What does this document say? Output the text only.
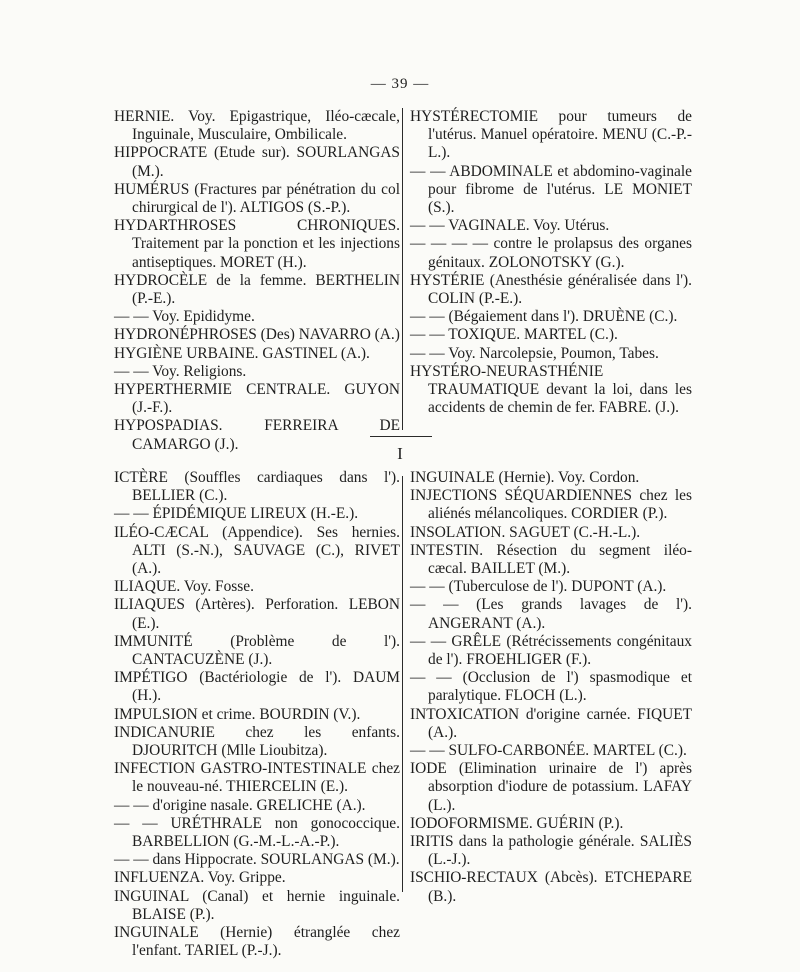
— 39 —

HERNIE. Voy. Epigastrique, Iléo-cæcale, Inguinale, Musculaire, Ombilicale.

HIPPOCRATE (Etude sur). SOURLANGAS (M.).

HUMÉRUS (Fractures par pénétration du col chirurgical de l'). ALTIGOS (S.-P.).

HYDARTHROSES CHRONIQUES. Traitement par la ponction et les injections antiseptiques. MORET (H.).

HYDROCÈLE de la femme. BERTHELIN (P.-E.).

— — Voy. Epididyme.

HYDRONÉPHROSES (Des) NAVARRO (A.)

HYGIÈNE URBAINE. GASTINEL (A.).

— — Voy. Religions.

HYPERTHERMIE CENTRALE. GUYON (J.-F.).

HYPOSPADIAS. FERREIRA DE CAMARGO (J.).

HYSTÉRECTOMIE pour tumeurs de l'utérus. Manuel opératoire. MENU (C.-P.-L.).

— — ABDOMINALE et abdomino-vaginale pour fibrome de l'utérus. LE MONIET (S.).

— — VAGINALE. Voy. Utérus.

— — — — contre le prolapsus des organes génitaux. ZOLONOTSKY (G.).

HYSTÉRIE (Anesthésie généralisée dans l'). COLIN (P.-E.).

— — (Bégaiement dans l'). DRUÈNE (C.).

— — TOXIQUE. MARTEL (C.).

— — Voy. Narcolepsie, Poumon, Tabes.

HYSTÉRO-NEURASTHÉNIE TRAUMATIQUE devant la loi, dans les accidents de chemin de fer. FABRE. (J.).

I

ICTÈRE (Souffles cardiaques dans l'). BELLIER (C.).

— — ÉPIDÉMIQUE LIREUX (H.-E.).

ILÉO-CÆCAL (Appendice). Ses hernies. ALTI (S.-N.), SAUVAGE (C.), RIVET (A.).

ILIAQUE. Voy. Fosse.

ILIAQUES (Artères). Perforation. LEBON (E.).

IMMUNITÉ (Problème de l'). CANTACUZÈNE (J.).

IMPÉTIGO (Bactériologie de l'). DAUM (H.).

IMPULSION et crime. BOURDIN (V.).

INDICANURIE chez les enfants. DJOURITCH (Mlle Lioubitza).

INFECTION GASTRO-INTESTINALE chez le nouveau-né. THIERCELIN (E.).

— — d'origine nasale. GRELICHE (A.).

— — URÉTHRALE non gonococcique. BARBELLION (G.-M.-L.-A.-P.).

— — dans Hippocrate. SOURLANGAS (M.).

INFLUENZA. Voy. Grippe.

INGUINAL (Canal) et hernie inguinale. BLAISE (P.).

INGUINALE (Hernie) étranglée chez l'enfant. TARIEL (P.-J.).

INGUINALE (Hernie). Voy. Cordon.

INJECTIONS SÉQUARDIENNES chez les aliénés mélancoliques. CORDIER (P.).

INSOLATION. SAGUET (C.-H.-L.).

INTESTIN. Résection du segment iléo-cæcal. BAILLET (M.).

— — (Tuberculose de l'). DUPONT (A.).

— — (Les grands lavages de l'). ANGERANT (A.).

— — GRÊLE (Rétrécissements congénitaux de l'). FROEHLIGER (F.).

— — (Occlusion de l') spasmodique et paralytique. FLOCH (L.).

INTOXICATION d'origine carnée. FIQUET (A.).

— — SULFO-CARBONÉE. MARTEL (C.).

IODE (Elimination urinaire de l') après absorption d'iodure de potassium. LAFAY (L.).

IODOFORMISME. GUÉRIN (P.).

IRITIS dans la pathologie générale. SALIÈS (L.-J.).

ISCHIO-RECTAUX (Abcès). ETCHEPARE (B.).
